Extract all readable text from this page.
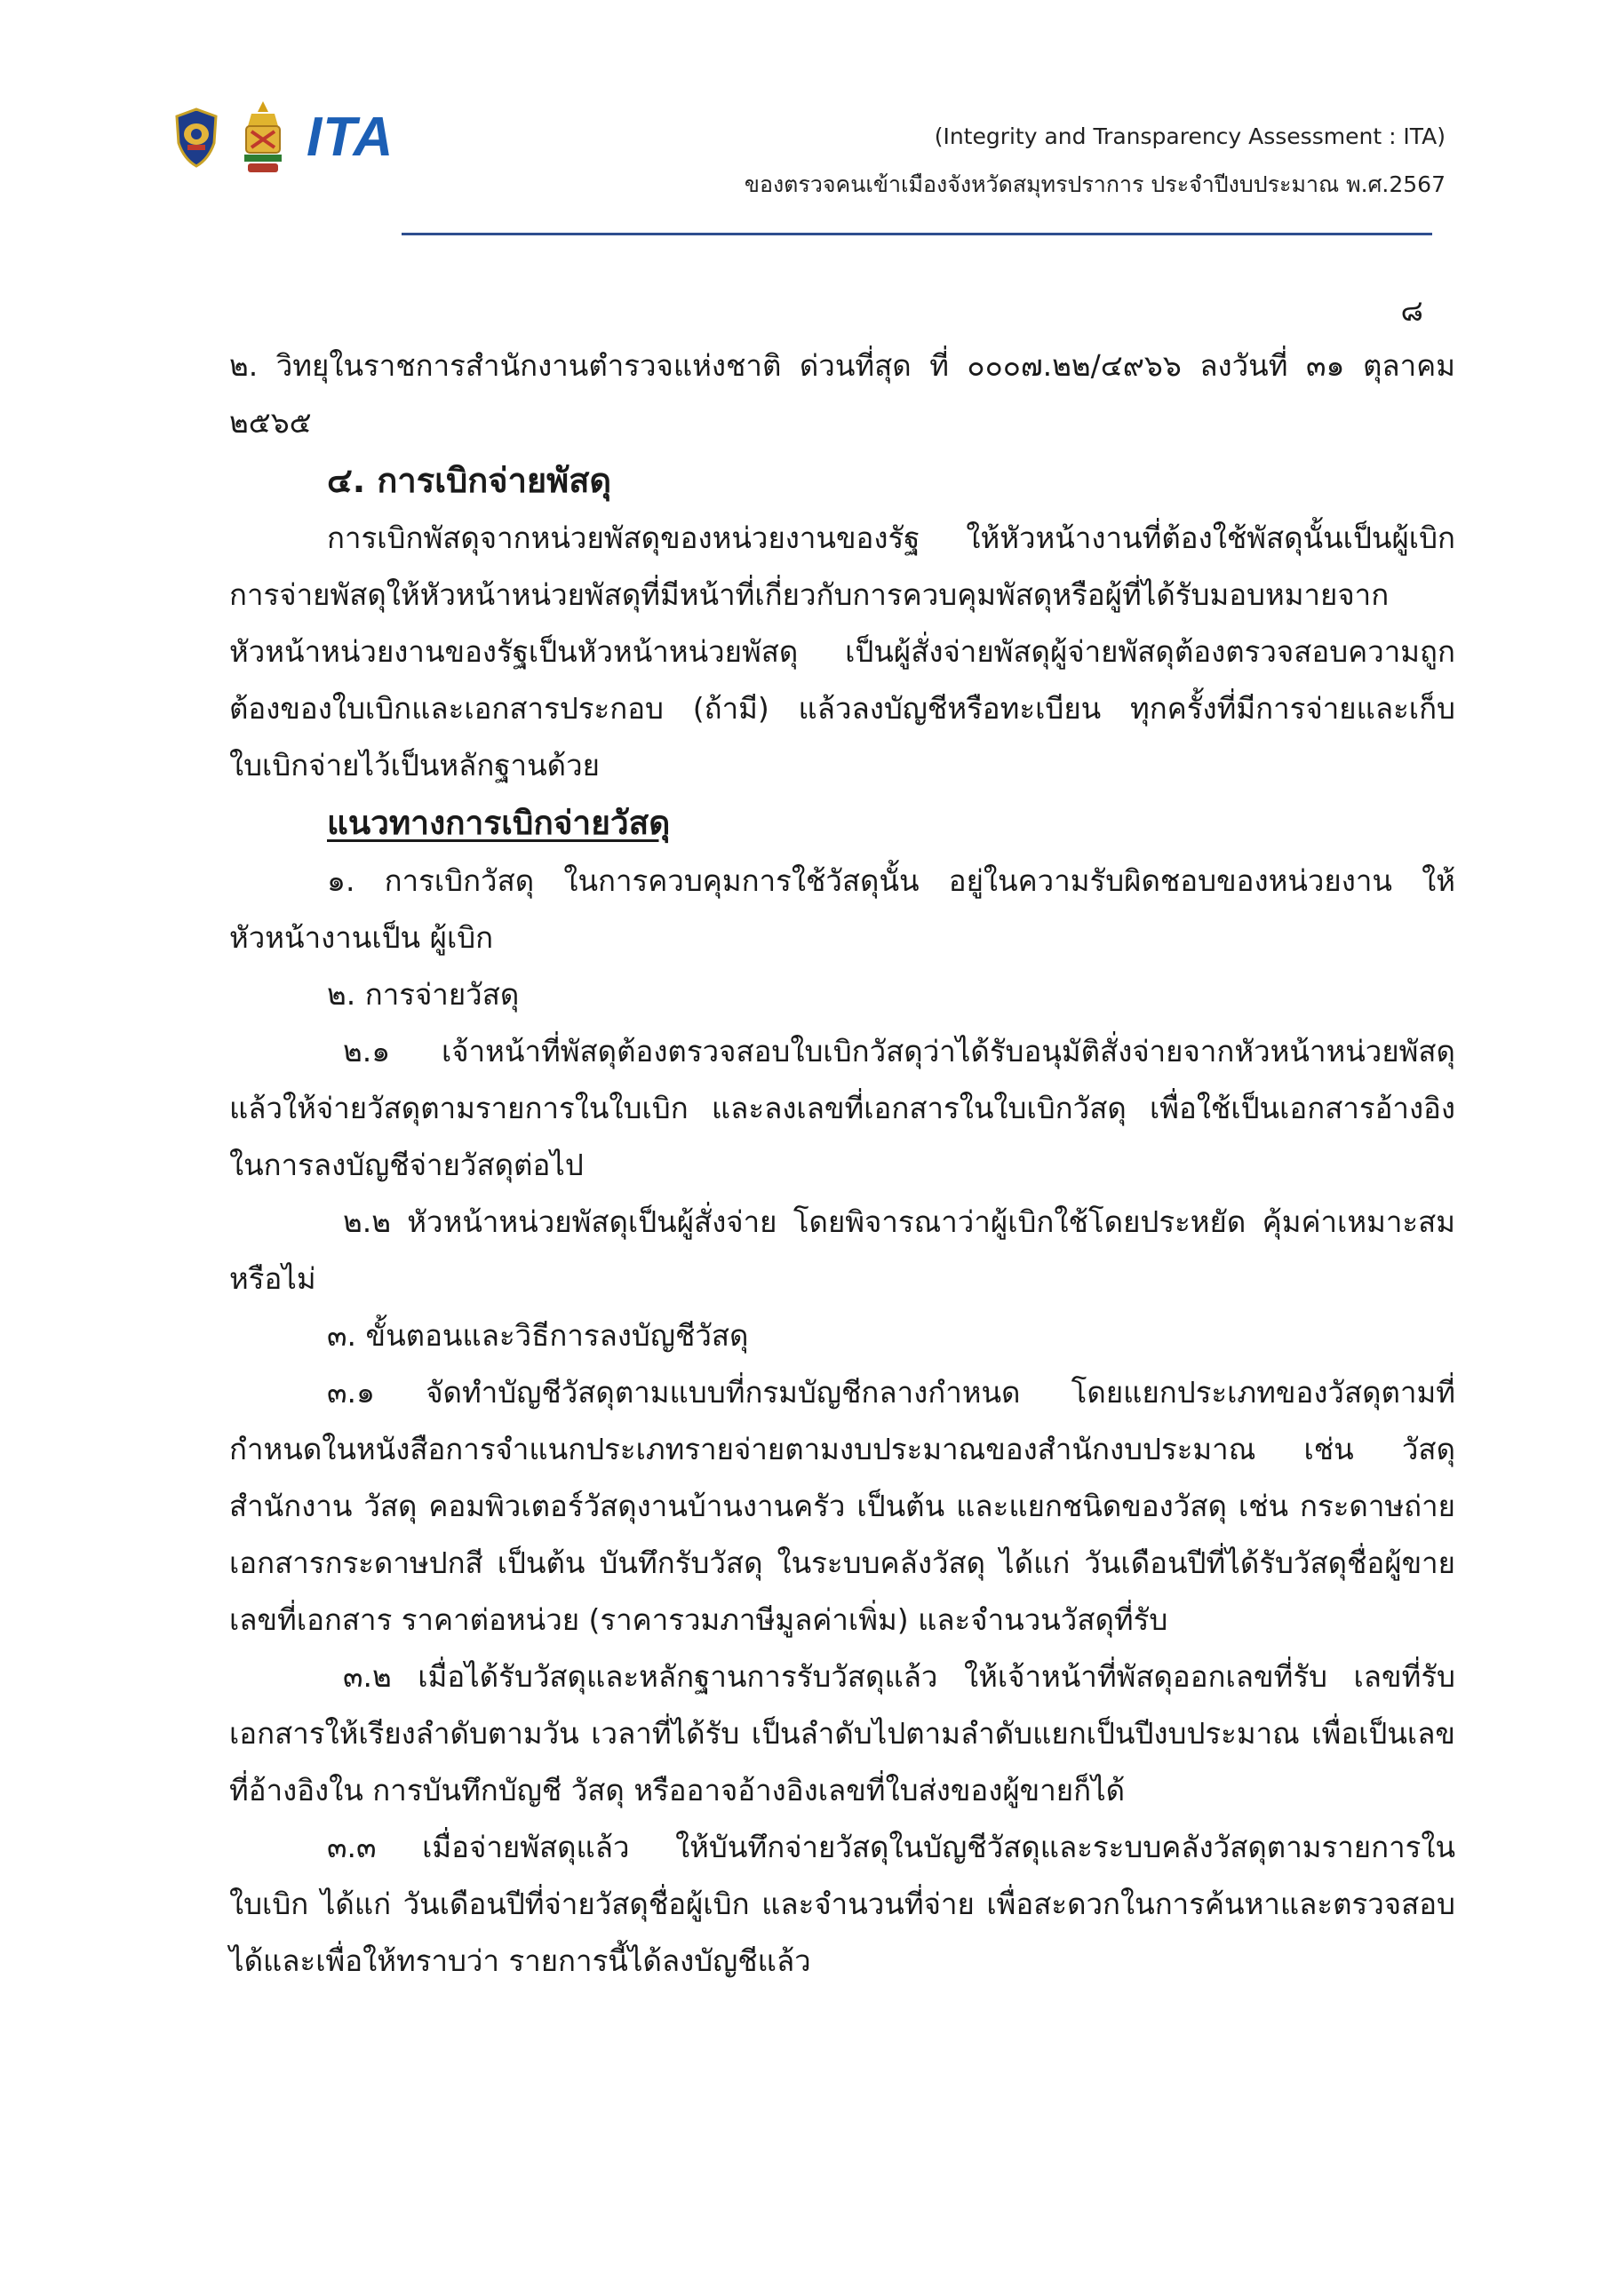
ITA	(Integrity and Transparency Assessment : ITA)
ของตรวจคนเข้าเมืองจังหวัดสมุทรปราการ ประจำปีงบประมาณ พ.ศ.2567
๘

๒. วิทยุในราชการสำนักงานตำรวจแห่งชาติ ด่วนที่สุด ที่ ๐๐๐๗.๒๒/๔๙๖๖ ลงวันที่ ๓๑ ตุลาคม ๒๕๖๕

๔. การเบิกจ่ายพัสดุ

การเบิกพัสดุจากหน่วยพัสดุของหน่วยงานของรัฐ ให้หัวหน้างานที่ต้องใช้พัสดุนั้นเป็นผู้เบิก การจ่ายพัสดุให้หัวหน้าหน่วยพัสดุที่มีหน้าที่เกี่ยวกับการควบคุมพัสดุหรือผู้ที่ได้รับมอบหมายจากหัวหน้าหน่วยงานของรัฐเป็นหัวหน้าหน่วยพัสดุ เป็นผู้สั่งจ่ายพัสดุผู้จ่ายพัสดุต้องตรวจสอบความถูกต้องของใบเบิกและเอกสารประกอบ (ถ้ามี) แล้วลงบัญชีหรือทะเบียน ทุกครั้งที่มีการจ่ายและเก็บใบเบิกจ่ายไว้เป็นหลักฐานด้วย

แนวทางการเบิกจ่ายวัสดุ

๑. การเบิกวัสดุ ในการควบคุมการใช้วัสดุนั้น อยู่ในความรับผิดชอบของหน่วยงาน ให้หัวหน้างานเป็น ผู้เบิก

๒. การจ่ายวัสดุ

๒.๑ เจ้าหน้าที่พัสดุต้องตรวจสอบใบเบิกวัสดุว่าได้รับอนุมัติสั่งจ่ายจากหัวหน้าหน่วยพัสดุแล้วให้จ่ายวัสดุตามรายการในใบเบิก และลงเลขที่เอกสารในใบเบิกวัสดุ เพื่อใช้เป็นเอกสารอ้างอิงในการลงบัญชีจ่ายวัสดุต่อไป

๒.๒ หัวหน้าหน่วยพัสดุเป็นผู้สั่งจ่าย โดยพิจารณาว่าผู้เบิกใช้โดยประหยัด คุ้มค่าเหมาะสม หรือไม่

๓. ขั้นตอนและวิธีการลงบัญชีวัสดุ

๓.๑ จัดทำบัญชีวัสดุตามแบบที่กรมบัญชีกลางกำหนด โดยแยกประเภทของวัสดุตามที่ กำหนดในหนังสือการจำแนกประเภทรายจ่ายตามงบประมาณของสำนักงบประมาณ เช่น วัสดุสำนักงาน วัสดุ คอมพิวเตอร์วัสดุงานบ้านงานครัว เป็นต้น และแยกชนิดของวัสดุ เช่น กระดาษถ่ายเอกสารกระดาษปกสี เป็นต้น บันทึกรับวัสดุ ในระบบคลังวัสดุ ได้แก่ วันเดือนปีที่ได้รับวัสดุชื่อผู้ขาย เลขที่เอกสาร ราคาต่อหน่วย (ราคารวมภาษีมูลค่าเพิ่ม) และจำนวนวัสดุที่รับ

๓.๒ เมื่อได้รับวัสดุและหลักฐานการรับวัสดุแล้ว ให้เจ้าหน้าที่พัสดุออกเลขที่รับ เลขที่รับเอกสารให้เรียงลำดับตามวัน เวลาที่ได้รับ เป็นลำดับไปตามลำดับแยกเป็นปีงบประมาณ เพื่อเป็นเลขที่อ้างอิงใน การบันทึกบัญชี วัสดุ หรืออาจอ้างอิงเลขที่ใบส่งของผู้ขายก็ได้

๓.๓ เมื่อจ่ายพัสดุแล้ว ให้บันทึกจ่ายวัสดุในบัญชีวัสดุและระบบคลังวัสดุตามรายการในใบเบิก ได้แก่ วันเดือนปีที่จ่ายวัสดุชื่อผู้เบิก และจำนวนที่จ่าย เพื่อสะดวกในการค้นหาและตรวจสอบได้และเพื่อให้ทราบว่า รายการนี้ได้ลงบัญชีแล้ว
